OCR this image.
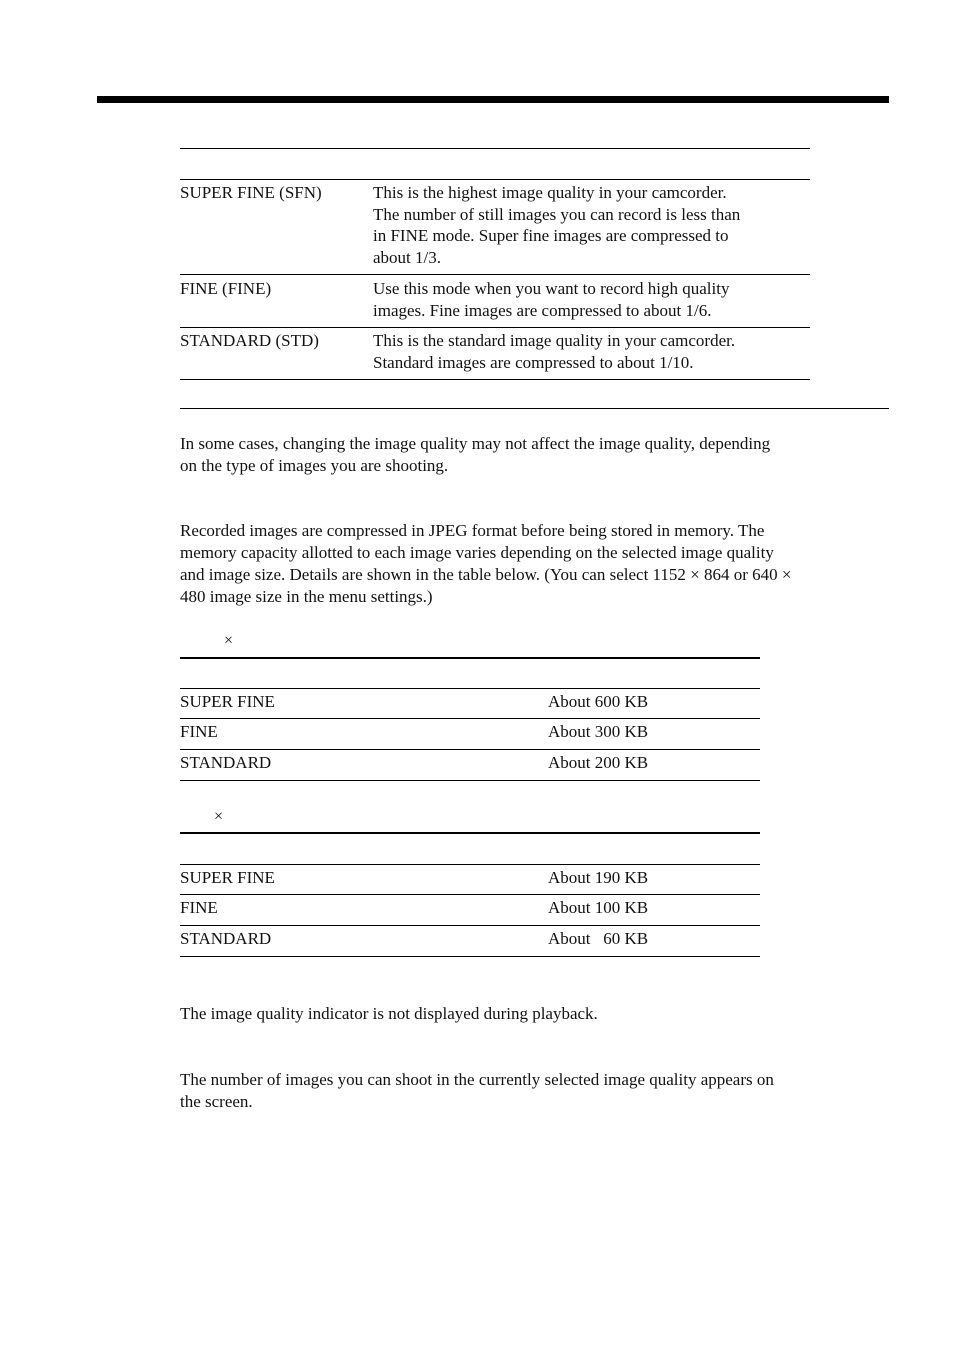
SUPER FINE (SFN)	This is the highest image quality in your camcorder.
The number of still images you can record is less than
in FINE mode. Super fine images are compressed to
about 1/3.
FINE (FINE)	Use this mode when you want to record high quality
images. Fine images are compressed to about 1/6.
STANDARD (STD)	This is the standard image quality in your camcorder.
Standard images are compressed to about 1/10.
In some cases, changing the image quality may not affect the image quality, depending
on the type of images you are shooting.
Recorded images are compressed in JPEG format before being stored in memory. The
memory capacity allotted to each image varies depending on the selected image quality
and image size. Details are shown in the table below. (You can select 1152 × 864 or 640 ×
480 image size in the menu settings.)
×
SUPER FINE	About 600 KB
FINE	About 300 KB
STANDARD	About 200 KB
×
SUPER FINE	About 190 KB
FINE	About 100 KB
STANDARD	About   60 KB
The image quality indicator is not displayed during playback.
The number of images you can shoot in the currently selected image quality appears on
the screen.
